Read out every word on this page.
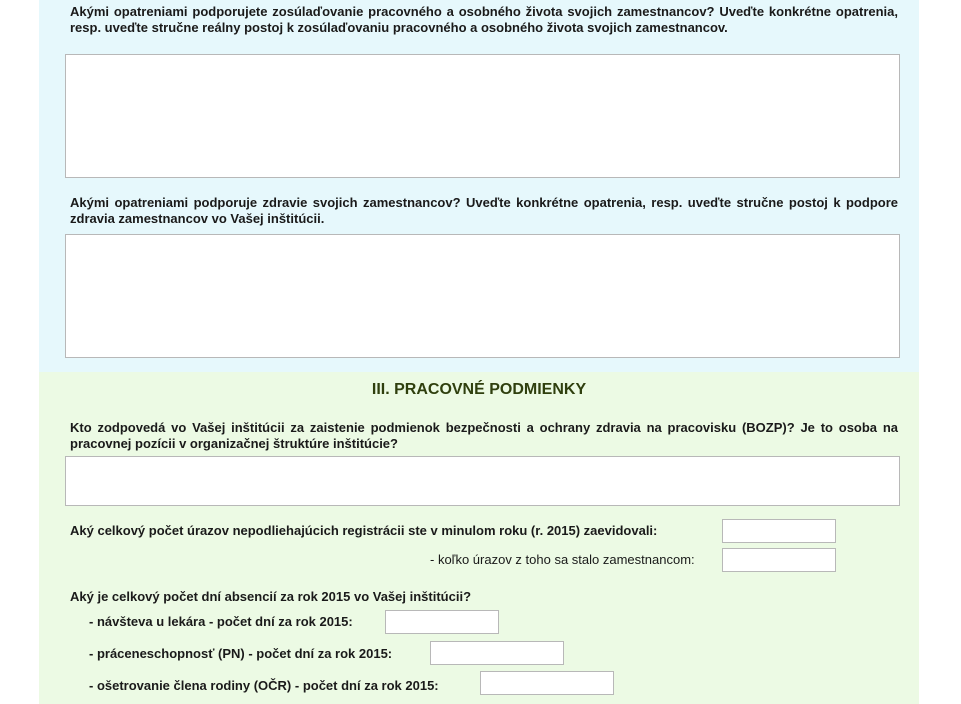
Akými opatreniami podporujete zosúlaďovanie pracovného a osobného života svojich zamestnancov? Uveďte konkrétne opatrenia, resp. uveďte stručne reálny postoj k zosúlaďovaniu pracovného a osobného života svojich zamestnancov.
Akými opatreniami podporuje zdravie svojich zamestnancov? Uveďte konkrétne opatrenia, resp. uveďte stručne postoj k podpore zdravia zamestnancov vo Vašej inštitúcii.
III. PRACOVNÉ PODMIENKY
Kto zodpovedá vo Vašej inštitúcii za zaistenie podmienok bezpečnosti a ochrany zdravia na pracovisku (BOZP)? Je to osoba na pracovnej pozícii v organizačnej štruktúre inštitúcie?
Aký celkový počet úrazov nepodliehajúcich registrácii ste v minulom roku (r. 2015) zaevidovali:
- koľko úrazov z toho sa stalo zamestnancom:
Aký je celkový počet dní absencií za rok 2015 vo Vašej inštitúcii?
- návšteva u lekára - počet dní za rok 2015:
- práceneschopnosť (PN) - počet dní za rok 2015:
- ošetrovanie člena rodiny (OČR) - počet dní za rok 2015:
